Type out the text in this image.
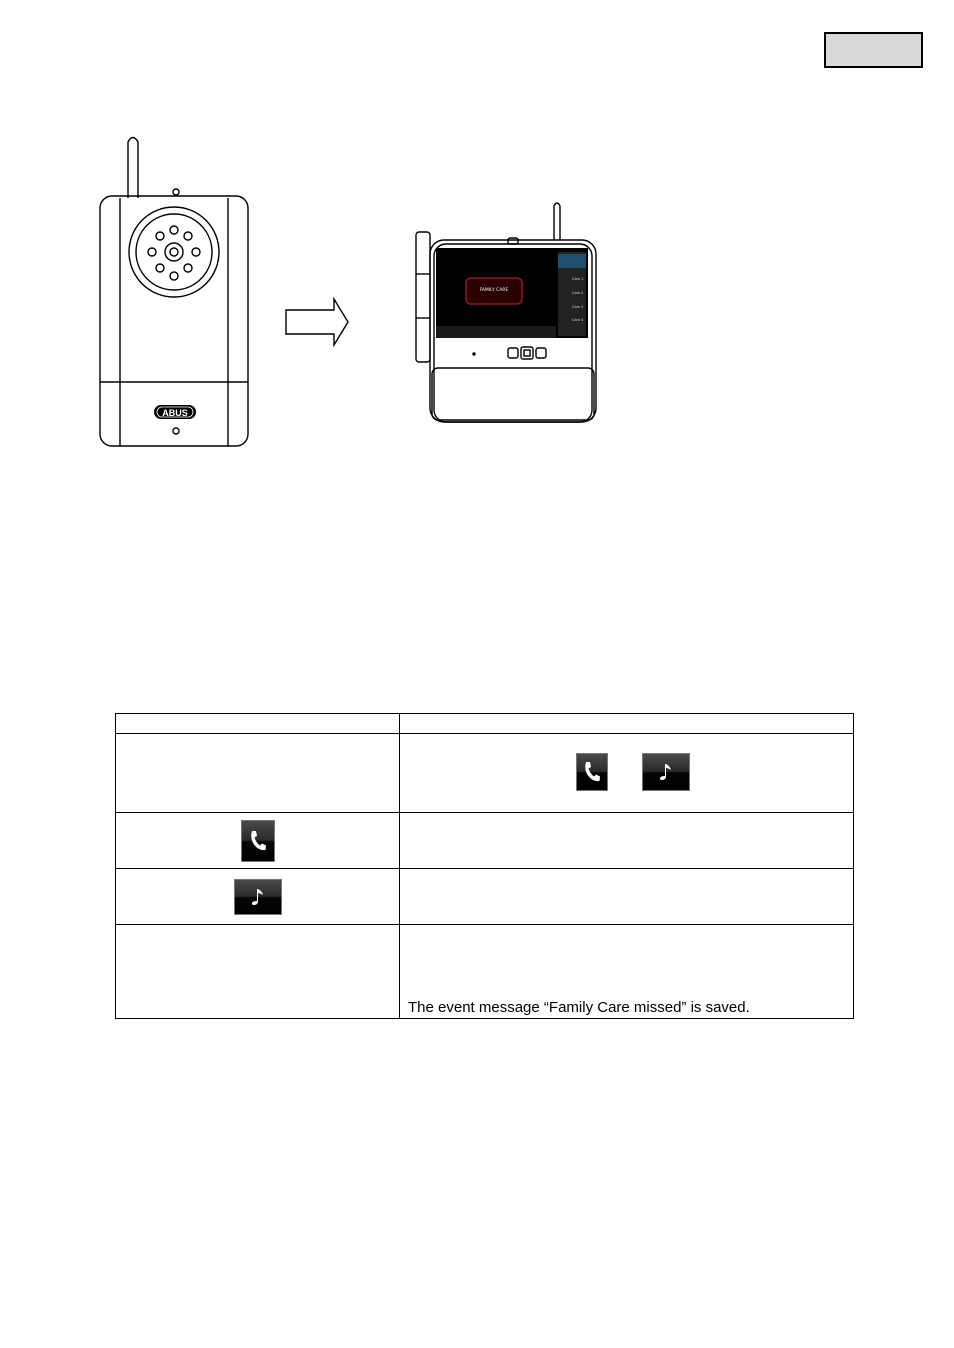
ABUS
FAMILY CARE
Cam 1
Cam 2
Cam 3
Cam 4

	The event message “Family Care missed” is saved.
